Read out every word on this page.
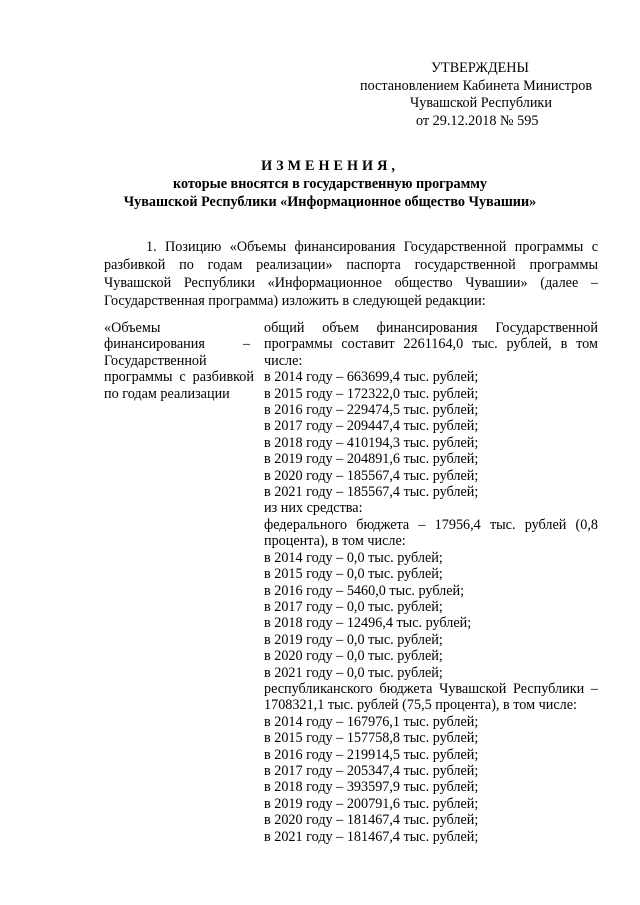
УТВЕРЖДЕНЫ
постановлением Кабинета Министров
Чувашской Республики
от 29.12.2018 № 595
ИЗМЕНЕНИЯ,
которые вносятся в государственную программу
Чувашской Республики «Информационное общество Чувашии»
1. Позицию «Объемы финансирования Государственной программы с разбивкой по годам реализации» паспорта государственной программы Чувашской Республики «Информационное общество Чувашии» (далее – Государственная программа) изложить в следующей редакции:
«Объемы финансирования Государственной программы с разбивкой по годам реализации
–
общий объем финансирования Государственной программы составит 2261164,0 тыс. рублей, в том числе:
в 2014 году – 663699,4 тыс. рублей;
в 2015 году – 172322,0 тыс. рублей;
в 2016 году – 229474,5 тыс. рублей;
в 2017 году – 209447,4 тыс. рублей;
в 2018 году – 410194,3 тыс. рублей;
в 2019 году – 204891,6 тыс. рублей;
в 2020 году – 185567,4 тыс. рублей;
в 2021 году – 185567,4 тыс. рублей;
из них средства:
федерального бюджета – 17956,4 тыс. рублей (0,8 процента), в том числе:
в 2014 году – 0,0 тыс. рублей;
в 2015 году – 0,0 тыс. рублей;
в 2016 году – 5460,0 тыс. рублей;
в 2017 году – 0,0 тыс. рублей;
в 2018 году – 12496,4 тыс. рублей;
в 2019 году – 0,0 тыс. рублей;
в 2020 году – 0,0 тыс. рублей;
в 2021 году – 0,0 тыс. рублей;
республиканского бюджета Чувашской Республики – 1708321,1 тыс. рублей (75,5 процента), в том числе:
в 2014 году – 167976,1 тыс. рублей;
в 2015 году – 157758,8 тыс. рублей;
в 2016 году – 219914,5 тыс. рублей;
в 2017 году – 205347,4 тыс. рублей;
в 2018 году – 393597,9 тыс. рублей;
в 2019 году – 200791,6 тыс. рублей;
в 2020 году – 181467,4 тыс. рублей;
в 2021 году – 181467,4 тыс. рублей;
